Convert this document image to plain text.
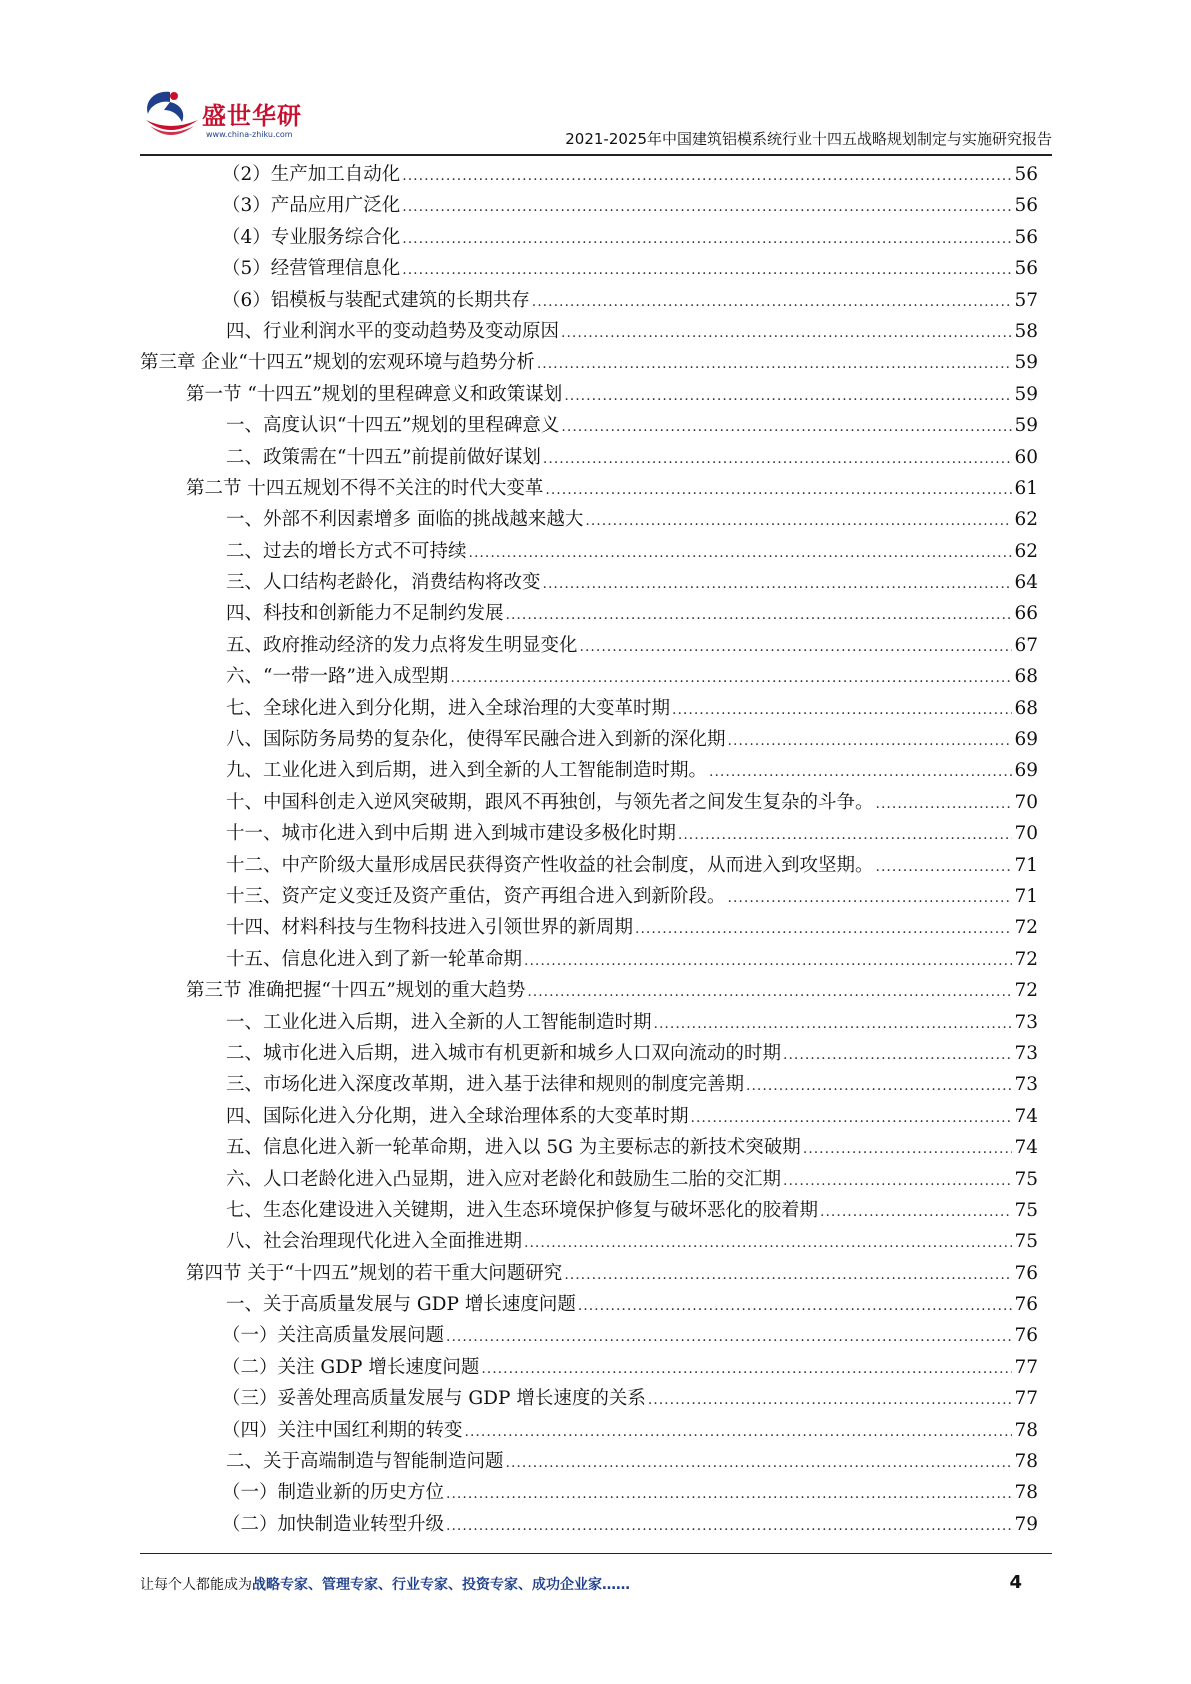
盛世华研
www.china-zhiku.com	2021-2025年中国建筑铝模系统行业十四五战略规划制定与实施研究报告
（2）生产加工自动化 .....	56
（3）产品应用广泛化 .....	56
（4）专业服务综合化 .....	56
（5）经营管理信息化 .....	56
（6）铝模板与装配式建筑的长期共存 .....	57
四、行业利润水平的变动趋势及变动原因 .....	58
第三章 企业“十四五”规划的宏观环境与趋势分析 .....	59
第一节 “十四五”规划的里程碑意义和政策谋划 .....	59
一、高度认识“十四五”规划的里程碑意义 .....	59
二、政策需在“十四五”前提前做好谋划 .....	60
第二节 十四五规划不得不关注的时代大变革 .....	61
一、外部不利因素增多 面临的挑战越来越大 .....	62
二、过去的增长方式不可持续 .....	62
三、人口结构老龄化，消费结构将改变 .....	64
四、科技和创新能力不足制约发展 .....	66
五、政府推动经济的发力点将发生明显变化 .....	67
六、“一带一路”进入成型期 .....	68
七、全球化进入到分化期，进入全球治理的大变革时期 .....	68
八、国际防务局势的复杂化，使得军民融合进入到新的深化期 .....	69
九、工业化进入到后期，进入到全新的人工智能制造时期。 .....	69
十、中国科创走入逆风突破期，跟风不再独创，与领先者之间发生复杂的斗争。 .....	70
十一、城市化进入到中后期 进入到城市建设多极化时期 .....	70
十二、中产阶级大量形成居民获得资产性收益的社会制度，从而进入到攻坚期。 .....	71
十三、资产定义变迁及资产重估，资产再组合进入到新阶段。 .....	71
十四、材料科技与生物科技进入引领世界的新周期 .....	72
十五、信息化进入到了新一轮革命期 .....	72
第三节 准确把握“十四五”规划的重大趋势 .....	72
一、工业化进入后期，进入全新的人工智能制造时期 .....	73
二、城市化进入后期，进入城市有机更新和城乡人口双向流动的时期 .....	73
三、市场化进入深度改革期，进入基于法律和规则的制度完善期 .....	73
四、国际化进入分化期，进入全球治理体系的大变革时期 .....	74
五、信息化进入新一轮革命期，进入以 5G 为主要标志的新技术突破期 .....	74
六、人口老龄化进入凸显期，进入应对老龄化和鼓励生二胎的交汇期 .....	75
七、生态化建设进入关键期，进入生态环境保护修复与破坏恶化的胶着期 .....	75
八、社会治理现代化进入全面推进期 .....	75
第四节 关于“十四五”规划的若干重大问题研究 .....	76
一、关于高质量发展与 GDP 增长速度问题 .....	76
（一）关注高质量发展问题 .....	76
（二）关注 GDP 增长速度问题 .....	77
（三）妥善处理高质量发展与 GDP 增长速度的关系 .....	77
（四）关注中国红利期的转变 .....	78
二、关于高端制造与智能制造问题 .....	78
（一）制造业新的历史方位 .....	78
（二）加快制造业转型升级 .....	79
让每个人都能成为战略专家、管理专家、行业专家、投资专家、成功企业家……	4
